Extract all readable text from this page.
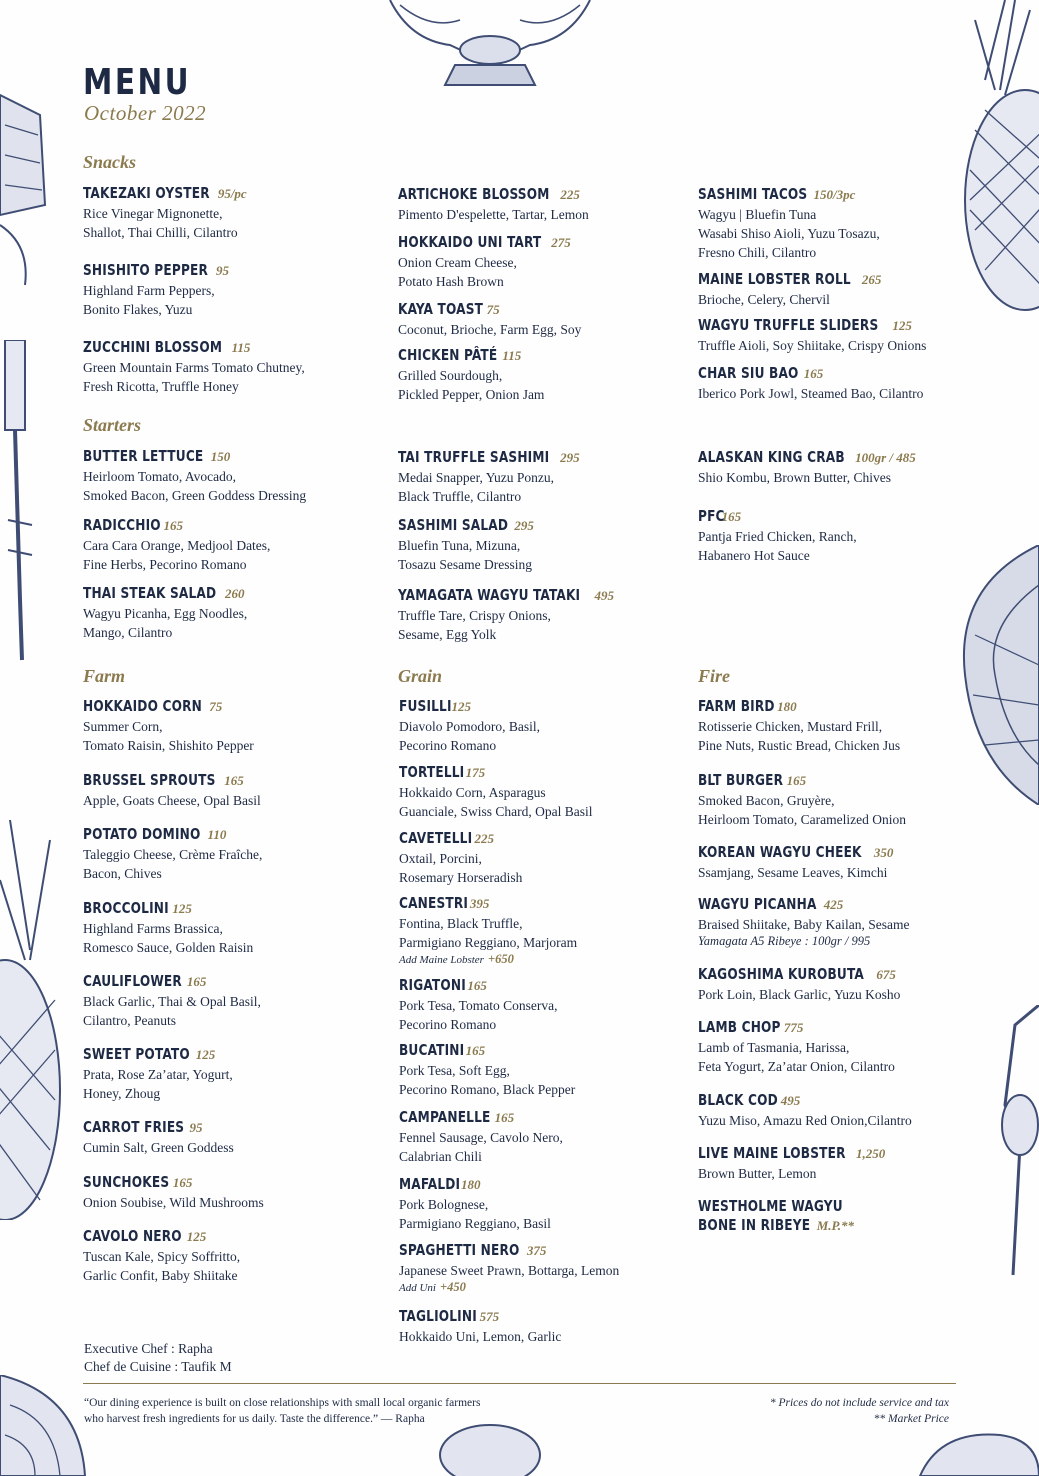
MENU
October 2022
Snacks
Starters
Farm	Grain	Fire
TAKEZAKI OYSTER 95/pc
Rice Vinegar Mignonette,
Shallot, Thai Chilli, Cilantro
SHISHITO PEPPER 95
Highland Farm Peppers,
Bonito Flakes, Yuzu
ZUCCHINI BLOSSOM 115
Green Mountain Farms Tomato Chutney,
Fresh Ricotta, Truffle Honey
ARTICHOKE BLOSSOM 225
Pimento D'espelette, Tartar, Lemon
HOKKAIDO UNI TART 275
Onion Cream Cheese,
Potato Hash Brown
KAYA TOAST 75
Coconut, Brioche, Farm Egg, Soy
CHICKEN PÂTÉ 115
Grilled Sourdough,
Pickled Pepper, Onion Jam
SASHIMI TACOS 150/3pc
Wagyu | Bluefin Tuna
Wasabi Shiso Aioli, Yuzu Tosazu,
Fresno Chili, Cilantro
MAINE LOBSTER ROLL 265
Brioche, Celery, Chervil
WAGYU TRUFFLE SLIDERS 125
Truffle Aioli, Soy Shiitake, Crispy Onions
CHAR SIU BAO 165
Iberico Pork Jowl, Steamed Bao, Cilantro
BUTTER LETTUCE 150
Heirloom Tomato, Avocado,
Smoked Bacon, Green Goddess Dressing
RADICCHIO 165
Cara Cara Orange, Medjool Dates,
Fine Herbs, Pecorino Romano
THAI STEAK SALAD 260
Wagyu Picanha, Egg Noodles,
Mango, Cilantro
TAI TRUFFLE SASHIMI 295
Medai Snapper, Yuzu Ponzu,
Black Truffle, Cilantro
SASHIMI SALAD 295
Bluefin Tuna, Mizuna,
Tosazu Sesame Dressing
YAMAGATA WAGYU TATAKI 495
Truffle Tare, Crispy Onions,
Sesame, Egg Yolk
ALASKAN KING CRAB 100gr / 485
Shio Kombu, Brown Butter, Chives
PFC 165
Pantja Fried Chicken, Ranch,
Habanero Hot Sauce
HOKKAIDO CORN 75
Summer Corn,
Tomato Raisin, Shishito Pepper
BRUSSEL SPROUTS 165
Apple, Goats Cheese, Opal Basil
POTATO DOMINO 110
Taleggio Cheese, Crème Fraîche,
Bacon, Chives
BROCCOLINI 125
Highland Farms Brassica,
Romesco Sauce, Golden Raisin
CAULIFLOWER 165
Black Garlic, Thai & Opal Basil,
Cilantro, Peanuts
SWEET POTATO 125
Prata, Rose Za’atar, Yogurt,
Honey, Zhoug
CARROT FRIES 95
Cumin Salt, Green Goddess
SUNCHOKES 165
Onion Soubise, Wild Mushrooms
CAVOLO NERO 125
Tuscan Kale, Spicy Soffritto,
Garlic Confit, Baby Shiitake
FUSILLI 125
Diavolo Pomodoro, Basil,
Pecorino Romano
TORTELLI 175
Hokkaido Corn, Asparagus
Guanciale, Swiss Chard, Opal Basil
CAVETELLI 225
Oxtail, Porcini,
Rosemary Horseradish
CANESTRI 395
Fontina, Black Truffle,
Parmigiano Reggiano, Marjoram
Add Maine Lobster +650
RIGATONI 165
Pork Tesa, Tomato Conserva,
Pecorino Romano
BUCATINI 165
Pork Tesa, Soft Egg,
Pecorino Romano, Black Pepper
CAMPANELLE 165
Fennel Sausage, Cavolo Nero,
Calabrian Chili
MAFALDI 180
Pork Bolognese,
Parmigiano Reggiano, Basil
SPAGHETTI NERO 375
Japanese Sweet Prawn, Bottarga, Lemon
Add Uni +450
TAGLIOLINI 575
Hokkaido Uni, Lemon, Garlic
FARM BIRD 180
Rotisserie Chicken, Mustard Frill,
Pine Nuts, Rustic Bread, Chicken Jus
BLT BURGER 165
Smoked Bacon, Gruyère,
Heirloom Tomato, Caramelized Onion
KOREAN WAGYU CHEEK 350
Ssamjang, Sesame Leaves, Kimchi
WAGYU PICANHA 425
Braised Shiitake, Baby Kailan, Sesame
Yamagata A5 Ribeye : 100gr / 995
KAGOSHIMA KUROBUTA 675
Pork Loin, Black Garlic, Yuzu Kosho
LAMB CHOP 775
Lamb of Tasmania, Harissa,
Feta Yogurt, Za’atar Onion, Cilantro
BLACK COD 495
Yuzu Miso, Amazu Red Onion,Cilantro
LIVE MAINE LOBSTER 1,250
Brown Butter, Lemon
WESTHOLME WAGYU
BONE IN RIBEYE M.P.**
Executive Chef : Rapha
Chef de Cuisine : Taufik M
“Our dining experience is built on close relationships with small local organic farmers
who harvest fresh ingredients for us daily. Taste the difference.” — Rapha
* Prices do not include service and tax
** Market Price
